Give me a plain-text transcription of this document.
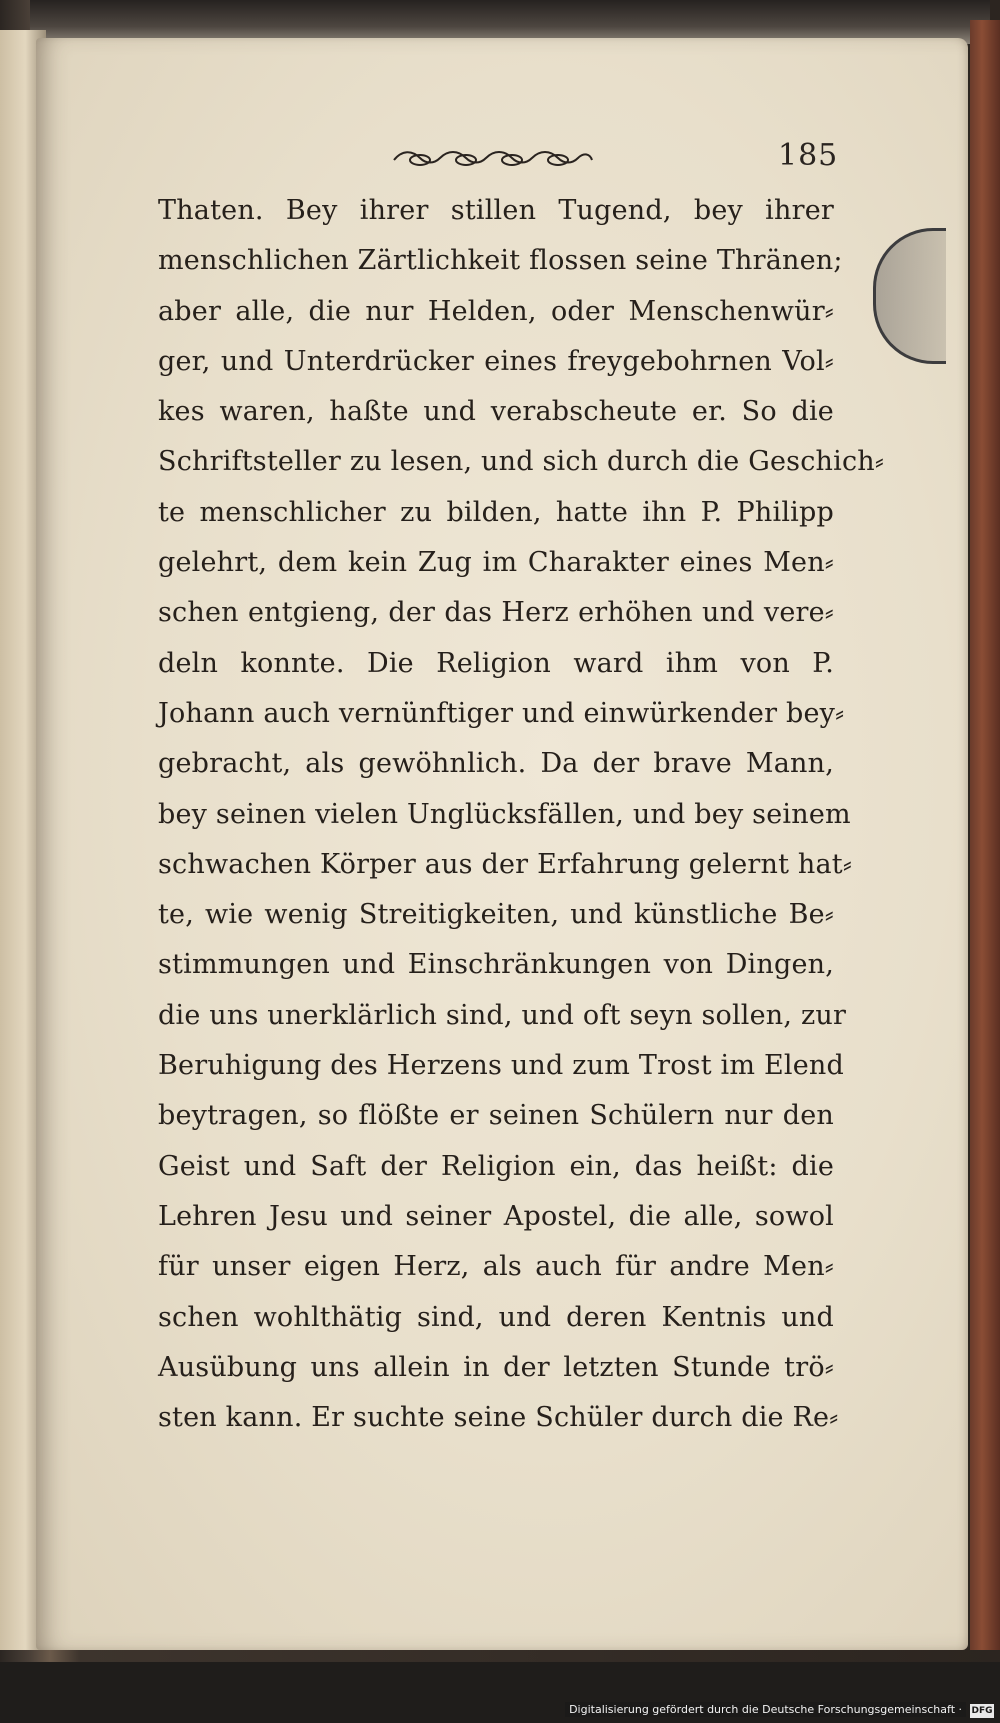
185
Thaten. Bey ihrer stillen Tugend, bey ihrer
menschlichen Zärtlichkeit flossen seine Thränen;
aber alle, die nur Helden, oder Menschenwür⸗
ger, und Unterdrücker eines freygebohrnen Vol⸗
kes waren, haßte und verabscheute er. So die
Schriftsteller zu lesen, und sich durch die Geschich⸗
te menschlicher zu bilden, hatte ihn P. Philipp
gelehrt, dem kein Zug im Charakter eines Men⸗
schen entgieng, der das Herz erhöhen und vere⸗
deln konnte. Die Religion ward ihm von P.
Johann auch vernünftiger und einwürkender bey⸗
gebracht, als gewöhnlich. Da der brave Mann,
bey seinen vielen Unglücksfällen, und bey seinem
schwachen Körper aus der Erfahrung gelernt hat⸗
te, wie wenig Streitigkeiten, und künstliche Be⸗
stimmungen und Einschränkungen von Dingen,
die uns unerklärlich sind, und oft seyn sollen, zur
Beruhigung des Herzens und zum Trost im Elend
beytragen, so flößte er seinen Schülern nur den
Geist und Saft der Religion ein, das heißt: die
Lehren Jesu und seiner Apostel, die alle, sowol
für unser eigen Herz, als auch für andre Men⸗
schen wohlthätig sind, und deren Kentnis und
Ausübung uns allein in der letzten Stunde trö⸗
sten kann. Er suchte seine Schüler durch die Re⸗
Digitalisierung gefördert durch die Deutsche Forschungsgemeinschaft ·	DFG
